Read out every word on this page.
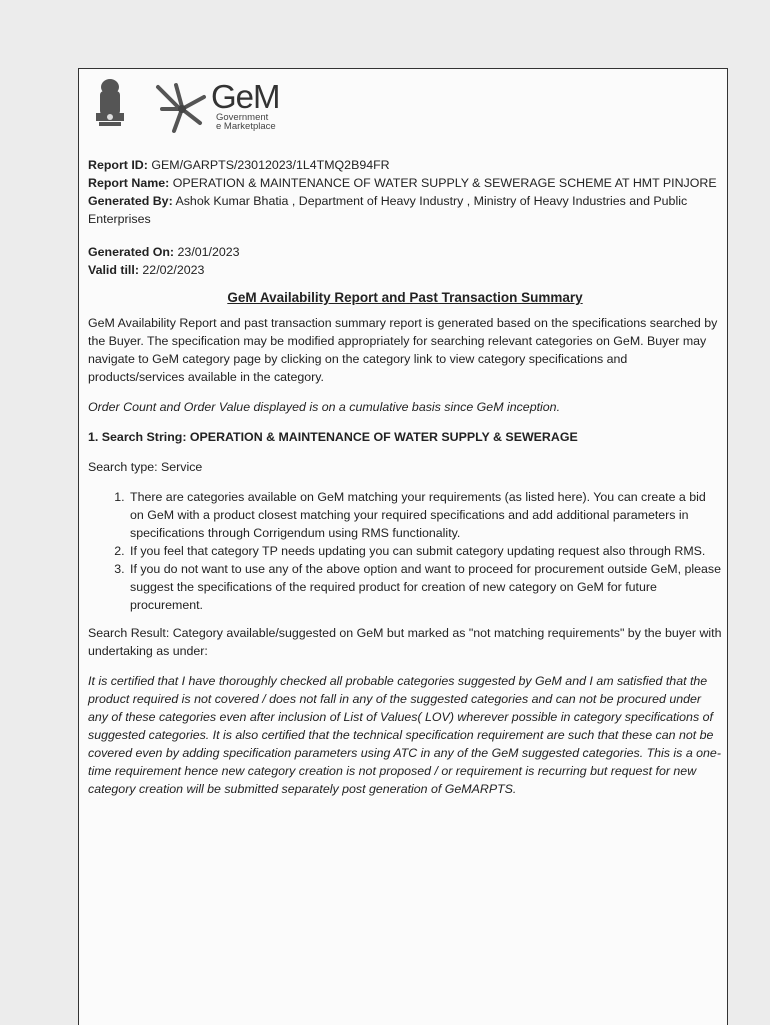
GeM
Government
e Marketplace
Report ID: GEM/GARPTS/23012023/1L4TMQ2B94FR
Report Name: OPERATION & MAINTENANCE OF WATER SUPPLY & SEWERAGE SCHEME AT HMT PINJORE
Generated By: Ashok Kumar Bhatia , Department of Heavy Industry , Ministry of Heavy Industries and Public Enterprises
Generated On: 23/01/2023
Valid till: 22/02/2023
GeM Availability Report and Past Transaction Summary

GeM Availability Report and past transaction summary report is generated based on the specifications searched by the Buyer. The specification may be modified appropriately for searching relevant categories on GeM. Buyer may navigate to GeM category page by clicking on the category link to view category specifications and products/services available in the category.

Order Count and Order Value displayed is on a cumulative basis since GeM inception.

1. Search String: OPERATION & MAINTENANCE OF WATER SUPPLY & SEWERAGE

Search type: Service

1. There are categories available on GeM matching your requirements (as listed here). You can create a bid on GeM with a product closest matching your required specifications and add additional parameters in specifications through Corrigendum using RMS functionality.
2. If you feel that category TP needs updating you can submit category updating request also through RMS.
3. If you do not want to use any of the above option and want to proceed for procurement outside GeM, please suggest the specifications of the required product for creation of new category on GeM for future procurement.

Search Result: Category available/suggested on GeM but marked as "not matching requirements" by the buyer with undertaking as under:

It is certified that I have thoroughly checked all probable categories suggested by GeM and I am satisfied that the product required is not covered / does not fall in any of the suggested categories and can not be procured under any of these categories even after inclusion of List of Values( LOV) wherever possible in category specifications of suggested categories. It is also certified that the technical specification requirement are such that these can not be covered even by adding specification parameters using ATC in any of the GeM suggested categories. This is a one-time requirement hence new category creation is not proposed / or requirement is recurring but request for new category creation will be submitted separately post generation of GeMARPTS.
